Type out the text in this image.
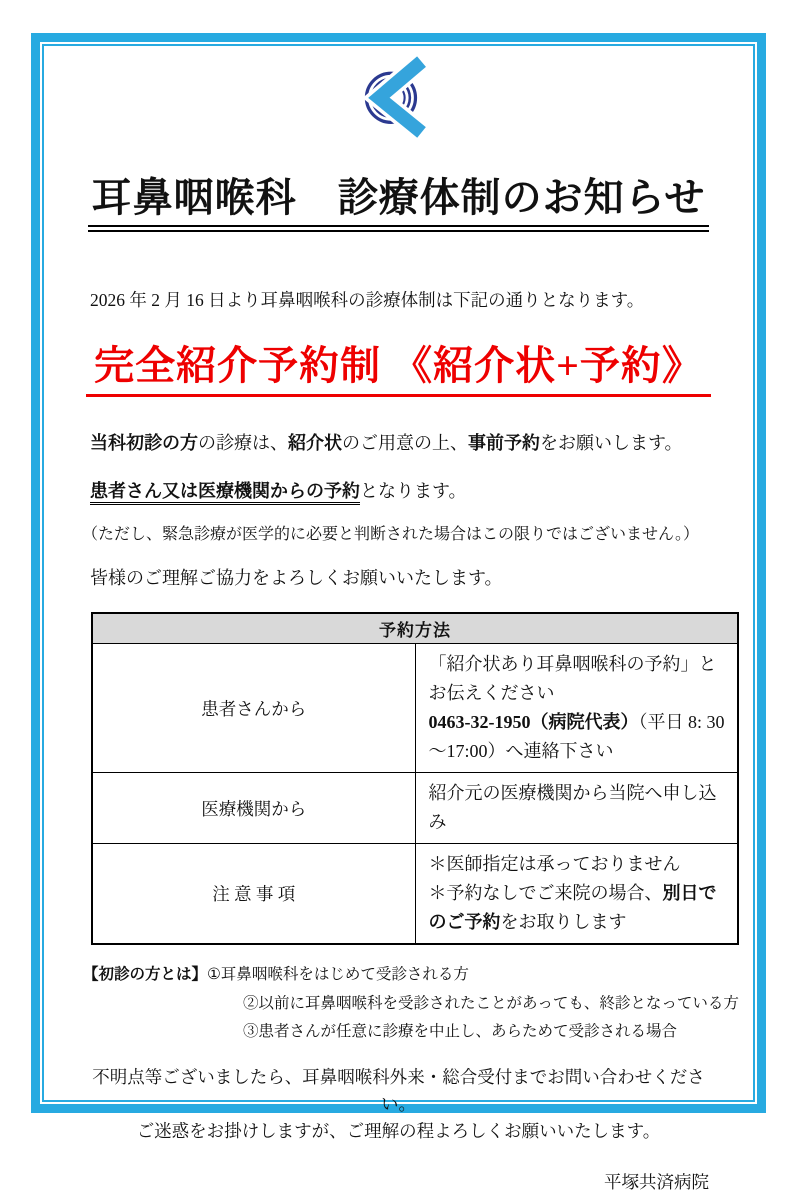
耳鼻咽喉科　診療体制のお知らせ

2026 年 2 月 16 日より耳鼻咽喉科の診療体制は下記の通りとなります。

完全紹介予約制 《紹介状+予約》

当科初診の方の診療は、紹介状のご用意の上、事前予約をお願いします。

患者さん又は医療機関からの予約となります。

（ただし、緊急診療が医学的に必要と判断された場合はこの限りではございません。）

皆様のご理解ご協力をよろしくお願いいたします。

予約方法	
患者さんから	「紹介状あり耳鼻咽喉科の予約」とお伝えください
0463-32-1950（病院代表）（平日 8: 30～17:00）へ連絡下さい

医療機関から	紹介元の医療機関から当院へ申し込み
注 意 事 項	＊医師指定は承っておりません
＊予約なしでご来院の場合、別日でのご予約をお取りします
【初診の方とは】①耳鼻咽喉科をはじめて受診される方
②以前に耳鼻咽喉科を受診されたことがあっても、終診となっている方
③患者さんが任意に診療を中止し、あらためて受診される場合
不明点等ございましたら、耳鼻咽喉科外来・総合受付までお問い合わせくださ
い。
ご迷惑をお掛けしますが、ご理解の程よろしくお願いいたします。
平塚共済病院
